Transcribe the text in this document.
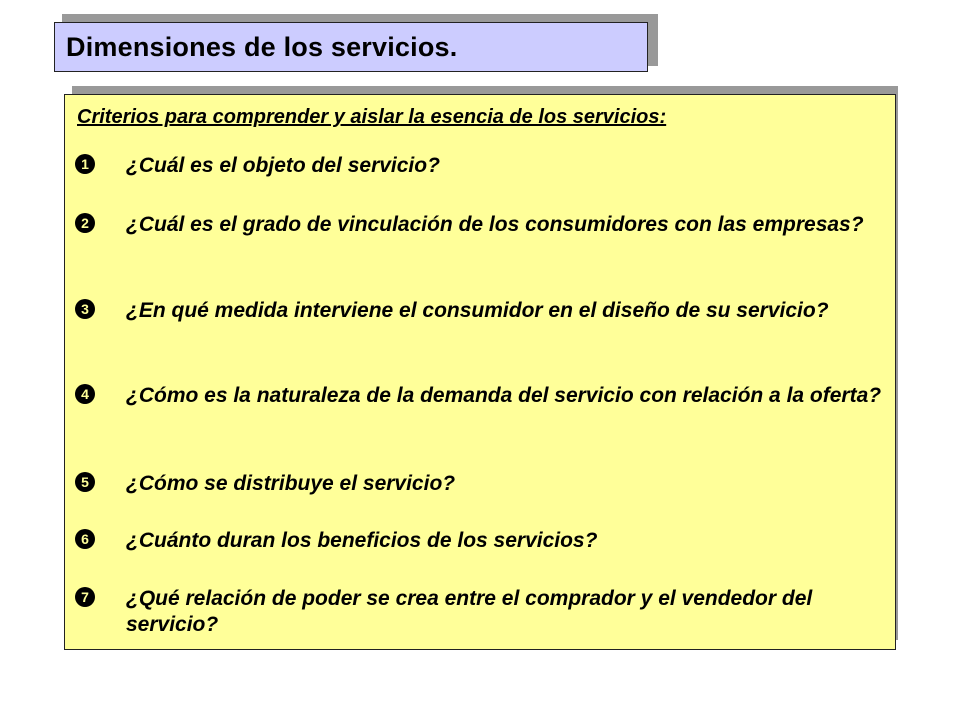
Dimensiones de los servicios.
Criterios para comprender y aislar la esencia de los servicios:
1 ¿Cuál es el objeto del servicio?
2 ¿Cuál es el grado de vinculación de los consumidores con las empresas?
3 ¿En qué medida interviene el consumidor en el diseño de su servicio?
4 ¿Cómo es la naturaleza de la demanda del servicio con relación a la oferta?
5 ¿Cómo se distribuye el servicio?
6 ¿Cuánto duran los beneficios de los servicios?
7 ¿Qué relación de poder se crea entre el comprador y el vendedor del servicio?
